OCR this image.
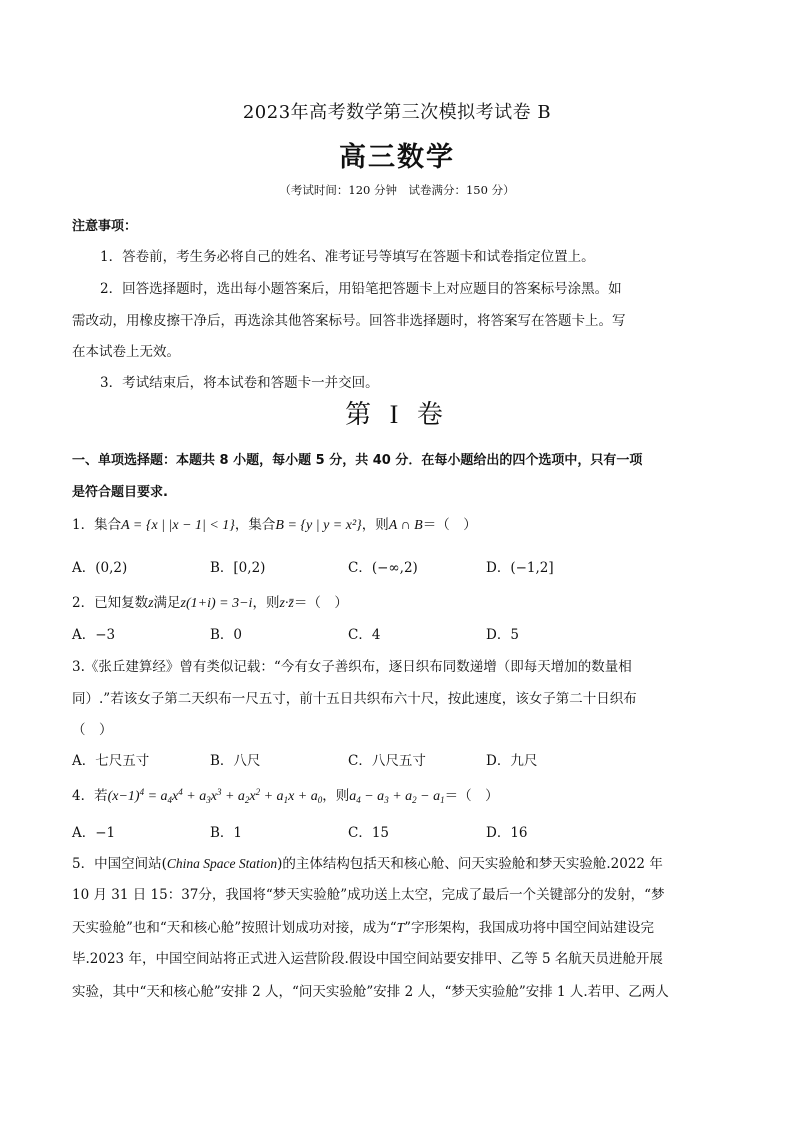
2023年高考数学第三次模拟考试卷 B
高三数学
（考试时间：120 分钟　试卷满分：150 分）
注意事项：
1．答卷前，考生务必将自己的姓名、准考证号等填写在答题卡和试卷指定位置上。
2．回答选择题时，选出每小题答案后，用铅笔把答题卡上对应题目的答案标号涂黑。如
需改动，用橡皮擦干净后，再选涂其他答案标号。回答非选择题时，将答案写在答题卡上。写
在本试卷上无效。
3．考试结束后，将本试卷和答题卡一并交回。
第 I 卷
一、单项选择题：本题共 8 小题，每小题 5 分，共 40 分．在每小题给出的四个选项中，只有一项
是符合题目要求.
1．集合A = {x | |x − 1| < 1}，集合B = {y | y = x²}，则A ∩ B＝（　）
A．(0,2)	B．[0,2)	C．(−∞,2)	D．(−1,2]
2．已知复数z满足z(1+i) = 3−i，则z·z̄＝（　）
A．−3	B．0	C．4	D．5
3.《张丘建算经》曾有类似记载：“今有女子善织布，逐日织布同数递增（即每天增加的数量相
同）.”若该女子第二天织布一尺五寸，前十五日共织布六十尺，按此速度，该女子第二十日织布
（　）
A．七尺五寸	B．八尺	C．八尺五寸	D．九尺
4．若$(x-1)^4 = a_4x^4 + a_3x^3 + a_2x^2 + a_1x + a_0$，则$a_4 - a_3 + a_2 - a_1=$（　）
A．−1	B．1	C．15	D．16
5．中国空间站(China Space Station)的主体结构包括天和核心舱、问天实验舱和梦天实验舱.2022 年
10 月 31 日 15：37分，我国将“梦天实验舱”成功送上太空，完成了最后一个关键部分的发射，“梦
天实验舱”也和“天和核心舱”按照计划成功对接，成为“T”字形架构，我国成功将中国空间站建设完
毕.2023 年，中国空间站将正式进入运营阶段.假设中国空间站要安排甲、乙等 5 名航天员进舱开展
实验，其中“天和核心舱”安排 2 人，“问天实验舱”安排 2 人，“梦天实验舱”安排 1 人.若甲、乙两人
